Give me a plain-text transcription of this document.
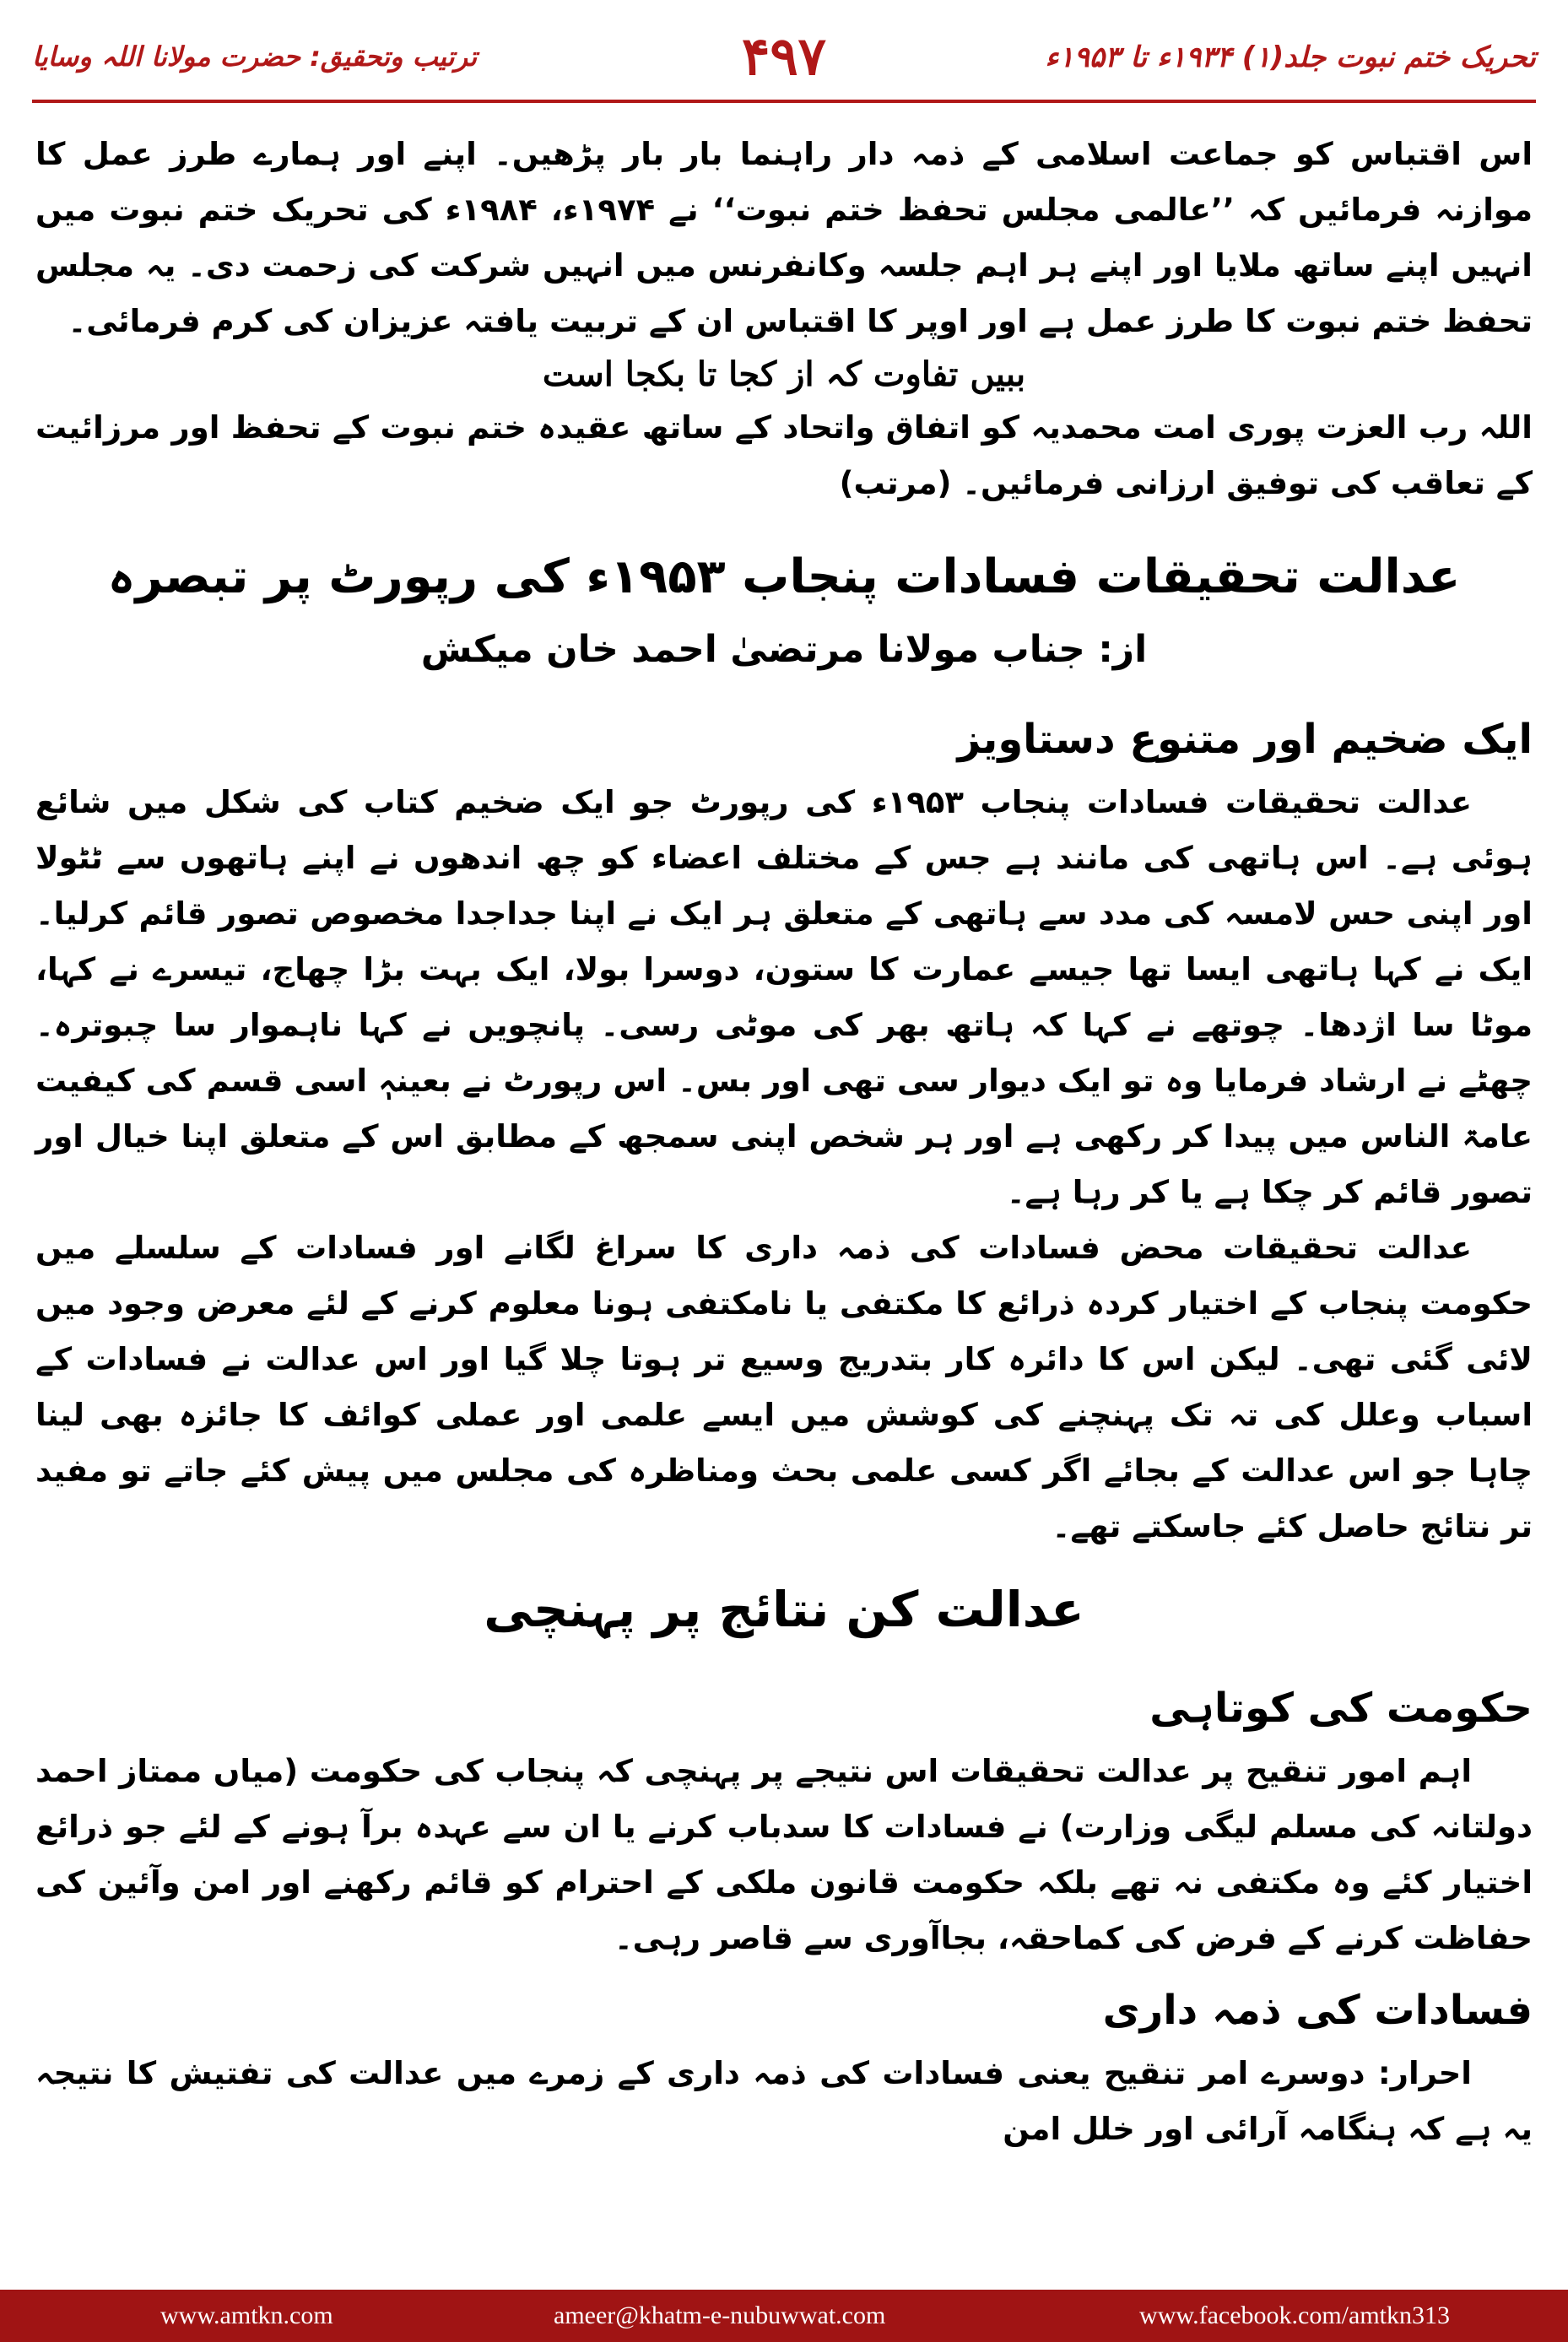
تحریک ختم نبوت جلد(۱) ۱۹۳۴ء تا ۱۹۵۳ء
۴۹۷
ترتیب وتحقیق: حضرت مولانا اللہ وسایا

اس اقتباس کو جماعت اسلامی کے ذمہ دار راہنما بار بار پڑھیں۔ اپنے اور ہمارے طرز عمل کا موازنہ فرمائیں کہ ’’عالمی مجلس تحفظ ختم نبوت‘‘ نے ۱۹۷۴ء، ۱۹۸۴ء کی تحریک ختم نبوت میں انہیں اپنے ساتھ ملایا اور اپنے ہر اہم جلسہ وکانفرنس میں انہیں شرکت کی زحمت دی۔ یہ مجلس تحفظ ختم نبوت کا طرز عمل ہے اور اوپر کا اقتباس ان کے تربیت یافتہ عزیزان کی کرم فرمائی۔

ببیں تفاوت کہ از کجا تا بکجا است

اللہ رب العزت پوری امت محمدیہ کو اتفاق واتحاد کے ساتھ عقیدہ ختم نبوت کے تحفظ اور مرزائیت کے تعاقب کی توفیق ارزانی فرمائیں۔ (مرتب)

عدالت تحقیقات فسادات پنجاب ۱۹۵۳ء کی رپورٹ پر تبصرہ

از: جناب مولانا مرتضیٰ احمد خان میکش

ایک ضخیم اور متنوع دستاویز

عدالت تحقیقات فسادات پنجاب ۱۹۵۳ء کی رپورٹ جو ایک ضخیم کتاب کی شکل میں شائع ہوئی ہے۔ اس ہاتھی کی مانند ہے جس کے مختلف اعضاء کو چھ اندھوں نے اپنے ہاتھوں سے ٹٹولا اور اپنی حس لامسہ کی مدد سے ہاتھی کے متعلق ہر ایک نے اپنا جداجدا مخصوص تصور قائم کرلیا۔ ایک نے کہا ہاتھی ایسا تھا جیسے عمارت کا ستون، دوسرا بولا، ایک بہت بڑا چھاج، تیسرے نے کہا، موٹا سا اژدھا۔ چوتھے نے کہا کہ ہاتھ بھر کی موٹی رسی۔ پانچویں نے کہا ناہموار سا چبوترہ۔ چھٹے نے ارشاد فرمایا وہ تو ایک دیوار سی تھی اور بس۔ اس رپورٹ نے بعینہٖ اسی قسم کی کیفیت عامۃ الناس میں پیدا کر رکھی ہے اور ہر شخص اپنی سمجھ کے مطابق اس کے متعلق اپنا خیال اور تصور قائم کر چکا ہے یا کر رہا ہے۔

عدالت تحقیقات محض فسادات کی ذمہ داری کا سراغ لگانے اور فسادات کے سلسلے میں حکومت پنجاب کے اختیار کردہ ذرائع کا مکتفی یا نامکتفی ہونا معلوم کرنے کے لئے معرض وجود میں لائی گئی تھی۔ لیکن اس کا دائرہ کار بتدریج وسیع تر ہوتا چلا گیا اور اس عدالت نے فسادات کے اسباب وعلل کی تہ تک پہنچنے کی کوشش میں ایسے علمی اور عملی کوائف کا جائزہ بھی لینا چاہا جو اس عدالت کے بجائے اگر کسی علمی بحث ومناظرہ کی مجلس میں پیش کئے جاتے تو مفید تر نتائج حاصل کئے جاسکتے تھے۔

عدالت کن نتائج پر پہنچی
حکومت کی کوتاہی

اہم امور تنقیح پر عدالت تحقیقات اس نتیجے پر پہنچی کہ پنجاب کی حکومت (میاں ممتاز احمد دولتانہ کی مسلم لیگی وزارت) نے فسادات کا سدباب کرنے یا ان سے عہدہ برآ ہونے کے لئے جو ذرائع اختیار کئے وہ مکتفی نہ تھے بلکہ حکومت قانون ملکی کے احترام کو قائم رکھنے اور امن وآئین کی حفاظت کرنے کے فرض کی کماحقہ، بجاآوری سے قاصر رہی۔

فسادات کی ذمہ داری

احرار: دوسرے امر تنقیح یعنی فسادات کی ذمہ داری کے زمرے میں عدالت کی تفتیش کا نتیجہ یہ ہے کہ ہنگامہ آرائی اور خلل امن

www.amtkn.com	ameer@khatm-e-nubuwwat.com	www.facebook.com/amtkn313
